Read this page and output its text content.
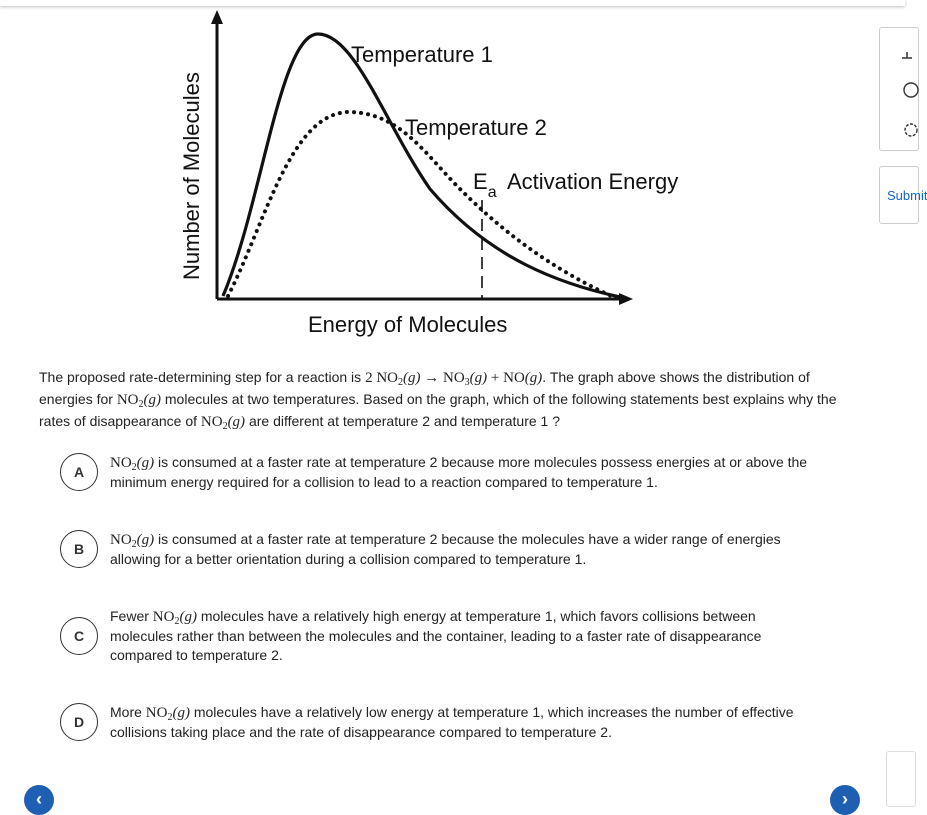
Temperature 1
Temperature 2
$E_a$ Activation Energy
Energy of Molecules
Number of Molecules
The proposed rate-determining step for a reaction is 2 $NO_2(g) \to NO_3(g) + NO(g)$. The graph above shows the distribution of energies for $NO_2(g)$ molecules at two temperatures. Based on the graph, which of the following statements best explains why the rates of disappearance of $NO_2(g)$ are different at temperature 2 and temperature 1 ?
A
$NO_2(g)$ is consumed at a faster rate at temperature 2 because more molecules possess energies at or above the minimum energy required for a collision to lead to a reaction compared to temperature 1.
B
$NO_2(g)$ is consumed at a faster rate at temperature 2 because the molecules have a wider range of energies allowing for a better orientation during a collision compared to temperature 1.
C
Fewer $NO_2(g)$ molecules have a relatively high energy at temperature 1, which favors collisions between molecules rather than between the molecules and the container, leading to a faster rate of disappearance compared to temperature 2.
D
More $NO_2(g)$ molecules have a relatively low energy at temperature 1, which increases the number of effective collisions taking place and the rate of disappearance compared to temperature 2.
Submit
‹	›
